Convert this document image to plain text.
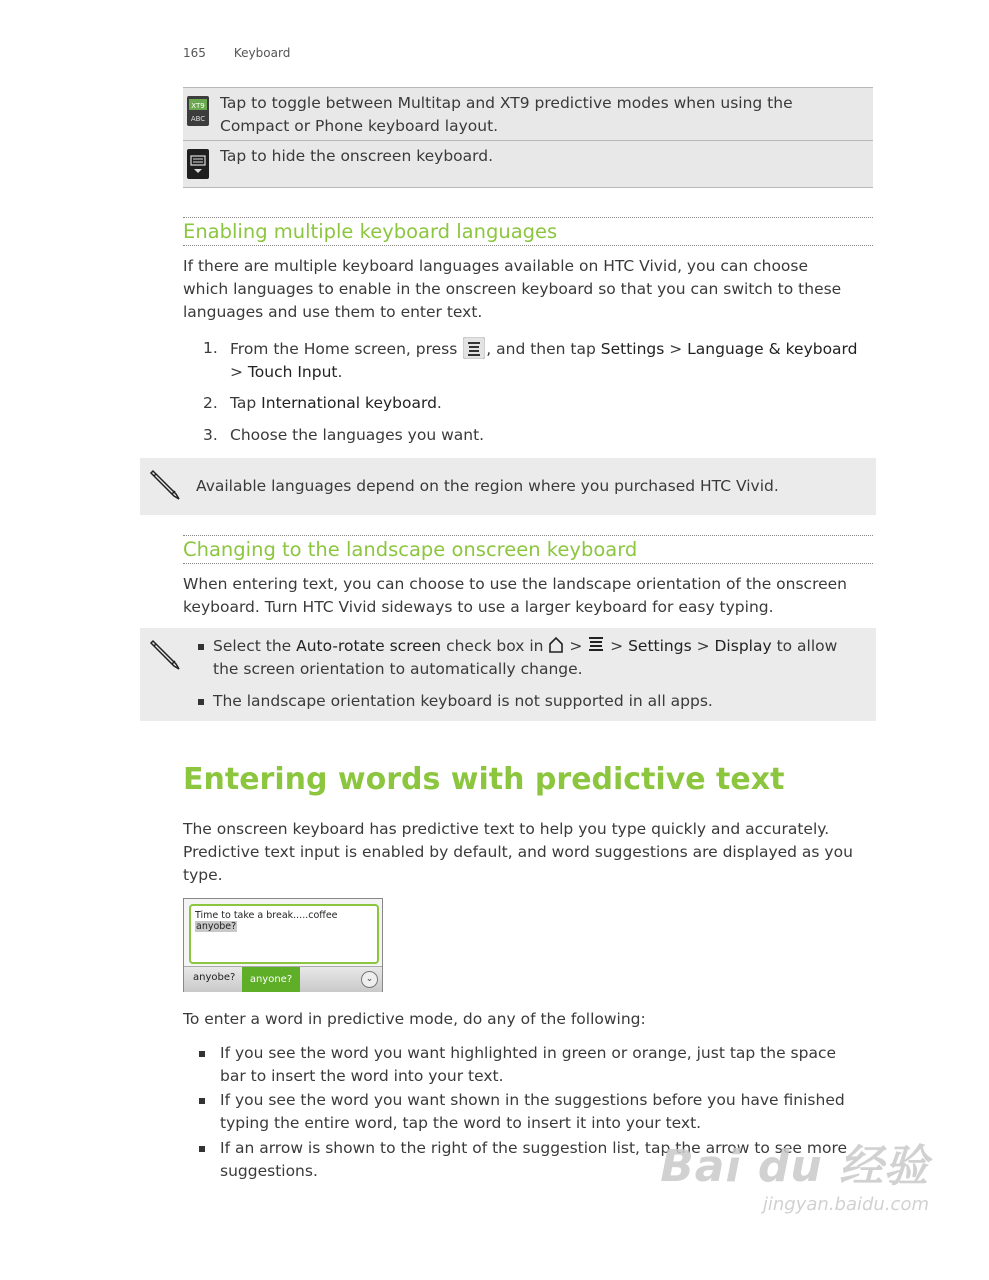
165 Keyboard
XT9
ABC
Tap to toggle between Multitap and XT9 predictive modes when using the
Compact or Phone keyboard layout.
Tap to hide the onscreen keyboard.
Enabling multiple keyboard languages
If there are multiple keyboard languages available on HTC Vivid, you can choose
which languages to enable in the onscreen keyboard so that you can switch to these
languages and use them to enter text.
1. From the Home screen, press , and then tap Settings > Language & keyboard
> Touch Input.
2. Tap International keyboard.
3. Choose the languages you want.
Available languages depend on the region where you purchased HTC Vivid.
Changing to the landscape onscreen keyboard
When entering text, you can choose to use the landscape orientation of the onscreen
keyboard. Turn HTC Vivid sideways to use a larger keyboard for easy typing.
Select the Auto-rotate screen check box in  >  > Settings > Display to allow
the screen orientation to automatically change.
The landscape orientation keyboard is not supported in all apps.
Entering words with predictive text
The onscreen keyboard has predictive text to help you type quickly and accurately.
Predictive text input is enabled by default, and word suggestions are displayed as you
type.
Time to take a break.....coffee anyobe?
anyobe?	anyone?	⌄
To enter a word in predictive mode, do any of the following:
If you see the word you want highlighted in green or orange, just tap the space
bar to insert the word into your text.
If you see the word you want shown in the suggestions before you have finished
typing the entire word, tap the word to insert it into your text.
If an arrow is shown to the right of the suggestion list, tap the arrow to see more
suggestions.	Bai du 经验
jingyan.baidu.com
